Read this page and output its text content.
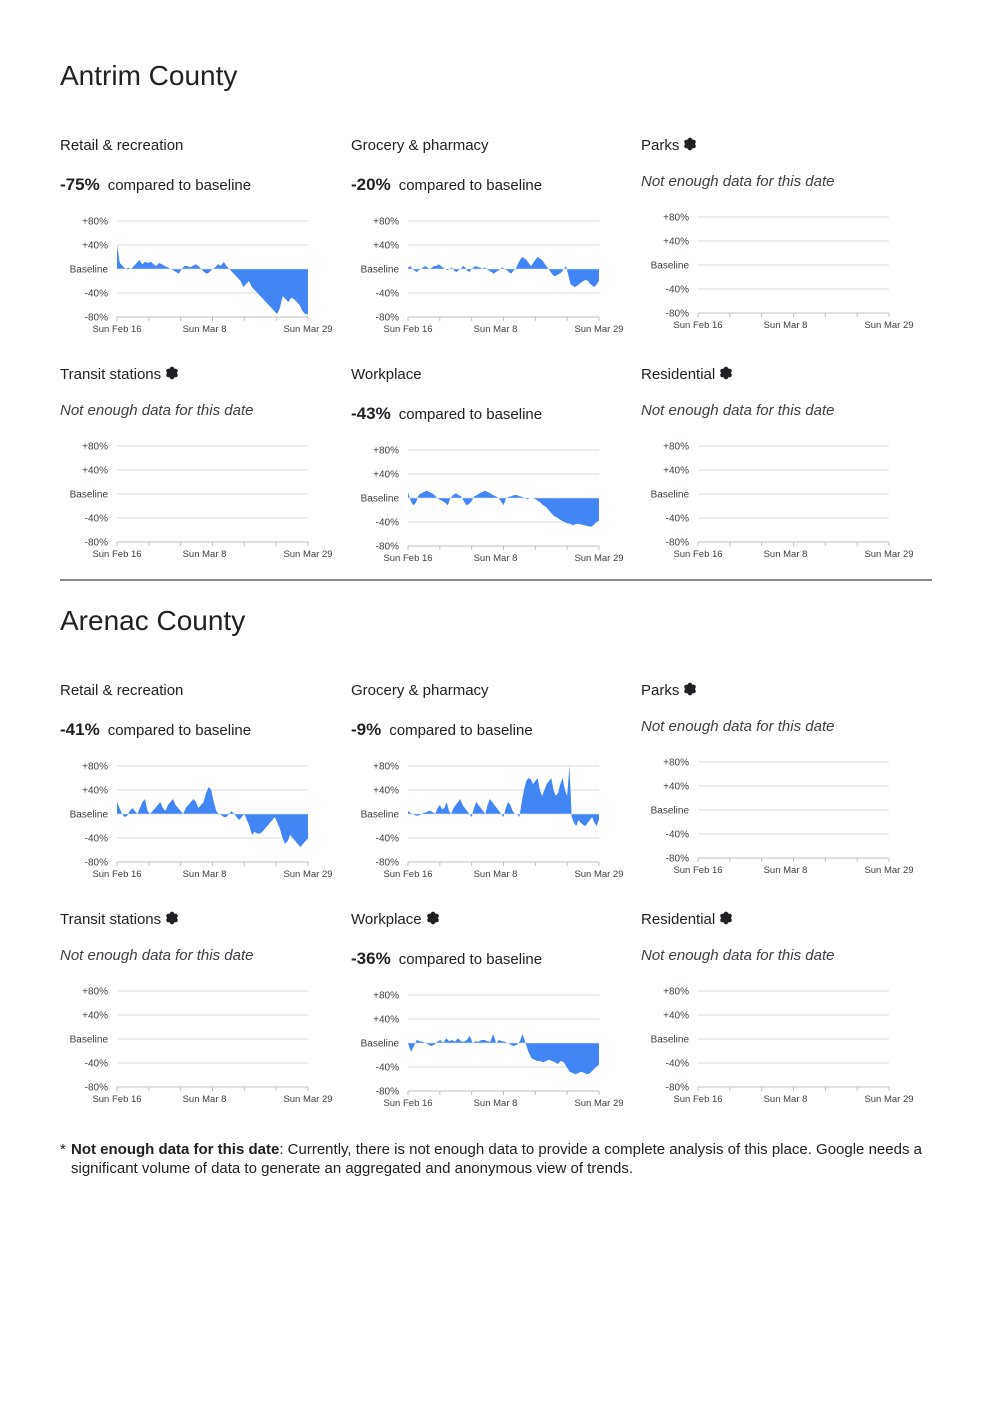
Antrim County
Arenac County
Retail & recreation
-75% compared to baseline
+80%
+40%
Baseline
-40%
-80%
Sun Feb 16	Sun Mar 8	Sun Mar 29
Grocery & pharmacy
-20% compared to baseline
+80%
+40%
Baseline
-40%
-80%
Sun Feb 16	Sun Mar 8	Sun Mar 29
Parks
Not enough data for this date
+80%
+40%
Baseline
-40%
-80%
Sun Feb 16	Sun Mar 8	Sun Mar 29
Transit stations
Not enough data for this date
+80%
+40%
Baseline
-40%
-80%
Sun Feb 16	Sun Mar 8	Sun Mar 29
Workplace
-43% compared to baseline
+80%
+40%
Baseline
-40%
-80%
Sun Feb 16	Sun Mar 8	Sun Mar 29
Residential
Not enough data for this date
+80%
+40%
Baseline
-40%
-80%
Sun Feb 16	Sun Mar 8	Sun Mar 29
Retail & recreation
-41% compared to baseline
+80%
+40%
Baseline
-40%
-80%
Sun Feb 16	Sun Mar 8	Sun Mar 29
Grocery & pharmacy
-9% compared to baseline
+80%
+40%
Baseline
-40%
-80%
Sun Feb 16	Sun Mar 8	Sun Mar 29
Parks
Not enough data for this date
+80%
+40%
Baseline
-40%
-80%
Sun Feb 16	Sun Mar 8	Sun Mar 29
Transit stations
Not enough data for this date
+80%
+40%
Baseline
-40%
-80%
Sun Feb 16	Sun Mar 8	Sun Mar 29
Workplace
-36% compared to baseline
+80%
+40%
Baseline
-40%
-80%
Sun Feb 16	Sun Mar 8	Sun Mar 29
Residential
Not enough data for this date
+80%
+40%
Baseline
-40%
-80%
Sun Feb 16	Sun Mar 8	Sun Mar 29
* Not enough data for this date: Currently, there is not enough data to provide a complete analysis of this place. Google needs a significant volume of data to generate an aggregated and anonymous view of trends.
